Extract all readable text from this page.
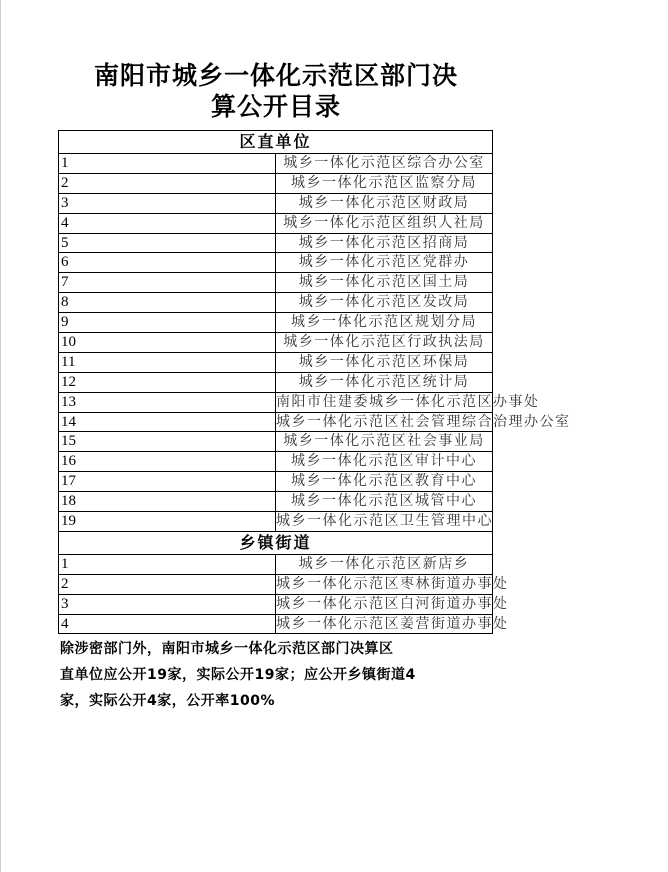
南阳市城乡一体化示范区部门决
算公开目录
区直单位	
1	城乡一体化示范区综合办公室
2	城乡一体化示范区监察分局
3	城乡一体化示范区财政局
4	城乡一体化示范区组织人社局
5	城乡一体化示范区招商局
6	城乡一体化示范区党群办
7	城乡一体化示范区国土局
8	城乡一体化示范区发改局
9	城乡一体化示范区规划分局
10	城乡一体化示范区行政执法局
11	城乡一体化示范区环保局
12	城乡一体化示范区统计局
13	南阳市住建委城乡一体化示范区办事处
14	城乡一体化示范区社会管理综合治理办公室
15	城乡一体化示范区社会事业局
16	城乡一体化示范区审计中心
17	城乡一体化示范区教育中心
18	城乡一体化示范区城管中心
19	城乡一体化示范区卫生管理中心
乡镇街道	
1	城乡一体化示范区新店乡
2	城乡一体化示范区枣林街道办事处
3	城乡一体化示范区白河街道办事处
4	城乡一体化示范区姜营街道办事处
除涉密部门外，南阳市城乡一体化示范区部门决算区
直单位应公开19家，实际公开19家；应公开乡镇街道4
家，实际公开4家，公开率100%
